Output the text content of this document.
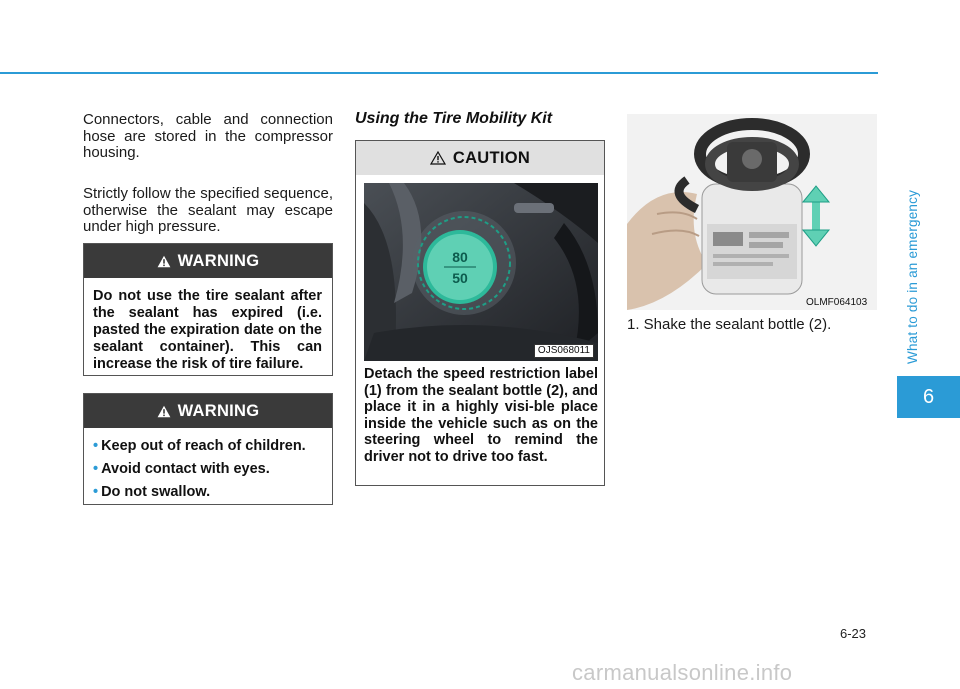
What to do in an emergency
6

Connectors, cable and connection hose are stored in the compressor housing.

Strictly follow the specified sequence, otherwise the sealant may escape under high pressure.

WARNING
Do not use the tire sealant after the sealant has expired (i.e. pasted the expiration date on the sealant container). This can increase the risk of tire failure.
WARNING
• Keep out of reach of children.
• Avoid contact with eyes.
• Do not swallow.
Using the Tire Mobility Kit
CAUTION
80
50
OJS068011
Detach the speed restriction label (1) from the sealant bottle (2), and place it in a highly visi-ble place inside the vehicle such as on the steering wheel to remind the driver not to drive too fast.
OLMF064103
1. Shake the sealant bottle (2).
6-23
carmanualsonline.info
